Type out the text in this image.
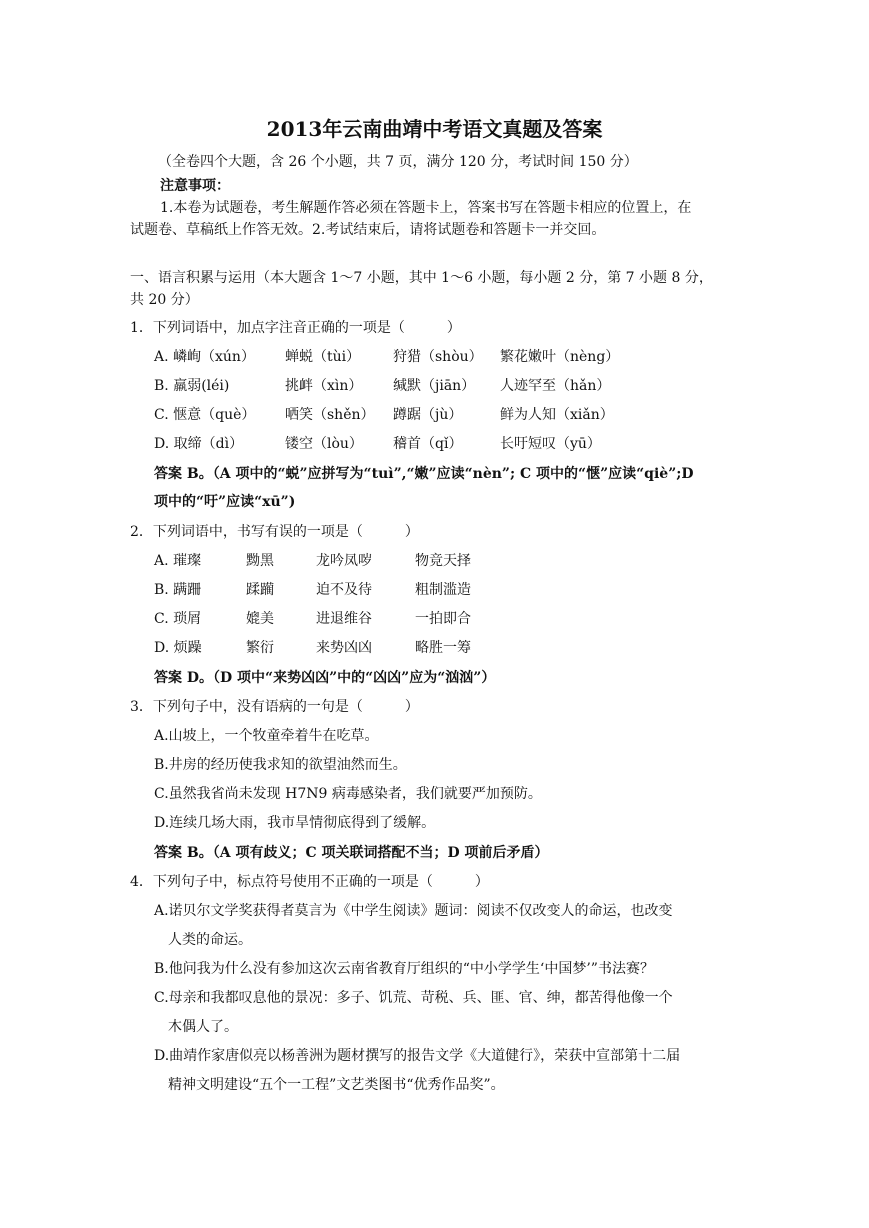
2013年云南曲靖中考语文真题及答案
（全卷四个大题，含 26 个小题，共 7 页，满分 120 分，考试时间 150 分）
注意事项：
1.本卷为试题卷，考生解题作答必须在答题卡上，答案书写在答题卡相应的位置上，在
试题卷、草稿纸上作答无效。2.考试结束后，请将试题卷和答题卡一并交回。
一、语言积累与运用（本大题含 1～7 小题，其中 1～6 小题，每小题 2 分，第 7 小题 8 分，
共 20 分）
1．下列词语中，加点字注音正确的一项是（　　　）
A. 嶙峋（xún） 蝉蜕（tùi） 狩猎（shòu） 繁花嫩叶（nèng）
B. 羸弱(léi)	挑衅（xìn） 缄默（jiān） 人迹罕至（hǎn）
C. 惬意（què） 哂笑（shěn） 蹲踞（jù）	鲜为人知（xiǎn）
D. 取缔（dì）	镂空（lòu） 稽首（qǐ）	长吁短叹（yū）
答案 B。（A 项中的“蜕”应拼写为“tuì”,“嫩”应读“nèn”; C 项中的“惬”应读“qiè”;D
项中的“吁”应读“xū”)
2．下列词语中，书写有误的一项是（　　　）
A. 璀璨	黝黑	龙吟凤哕	物竞天择
B. 蹒跚	蹂躏	迫不及待	粗制滥造
C. 琐屑	媲美	进退维谷	一拍即合
D. 烦躁	繁衍	来势凶凶	略胜一筹
答案 D。（D 项中“来势凶凶”中的“凶凶”应为“汹汹”）
3．下列句子中，没有语病的一句是（　　　）
A.山坡上，一个牧童牵着牛在吃草。
B.井房的经历使我求知的欲望油然而生。
C.虽然我省尚未发现 H7N9 病毒感染者，我们就要严加预防。
D.连续几场大雨，我市旱情彻底得到了缓解。
答案 B。（A 项有歧义；C 项关联词搭配不当；D 项前后矛盾）
4．下列句子中，标点符号使用不正确的一项是（　　　）
A.诺贝尔文学奖获得者莫言为《中学生阅读》题词：阅读不仅改变人的命运，也改变
人类的命运。
B.他问我为什么没有参加这次云南省教育厅组织的“中小学学生‘中国梦’”书法赛？
C.母亲和我都叹息他的景况：多子、饥荒、苛税、兵、匪、官、绅，都苦得他像一个
木偶人了。
D.曲靖作家唐似亮以杨善洲为题材撰写的报告文学《大道健行》，荣获中宣部第十二届
精神文明建设“五个一工程”文艺类图书“优秀作品奖”。
